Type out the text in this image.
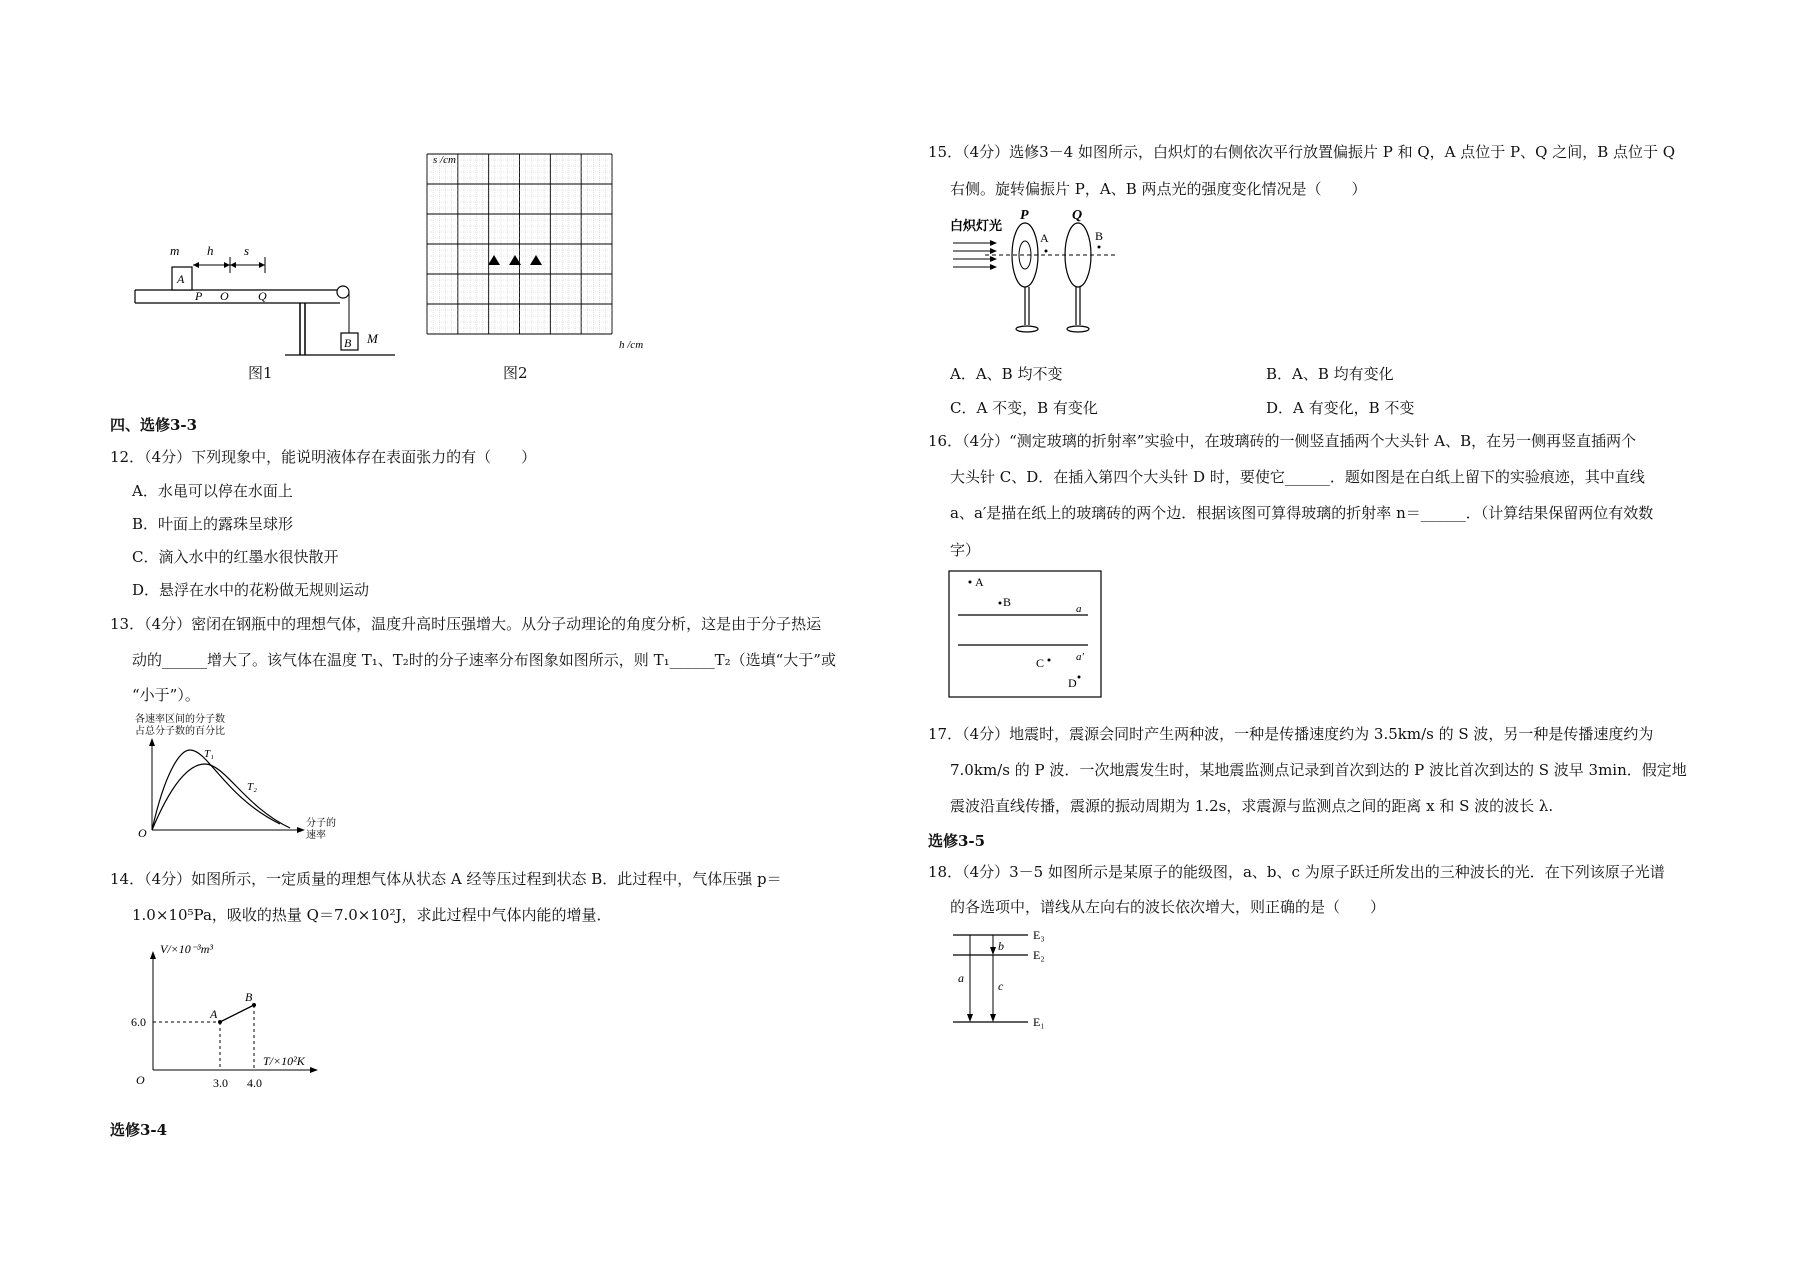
A
m h s
P O Q
B M
图1
s /cm
h /cm
图2
四、选修3-3
12．（4分）下列现象中，能说明液体存在表面张力的有（　　）
A．水黾可以停在水面上
B．叶面上的露珠呈球形
C．滴入水中的红墨水很快散开
D．悬浮在水中的花粉做无规则运动
13．（4分）密闭在钢瓶中的理想气体，温度升高时压强增大。从分子动理论的角度分析，这是由于分子热运
动的______增大了。该气体在温度 T₁、T₂时的分子速率分布图象如图所示，则 T₁______T₂（选填“大于”或
“小于”）。
各速率区间的分子数
占总分子数的百分比
O
分子的
速率
T₁
T₂
14．（4分）如图所示，一定质量的理想气体从状态 A 经等压过程到状态 B．此过程中，气体压强 p＝
1.0×10⁵Pa，吸收的热量 Q＝7.0×10²J，求此过程中气体内能的增量．
V/×10⁻³m³
T/×10²K
O
6.0
3.0 4.0
A
B
选修3-4
15．（4分）选修3－4 如图所示，白炽灯的右侧依次平行放置偏振片 P 和 Q，A 点位于 P、Q 之间，B 点位于 Q
右侧。旋转偏振片 P，A、B 两点光的强度变化情况是（　　）
白炽灯光
P	Q
A	B
A．A、B 均不变	B．A、B 均有变化
C．A 不变，B 有变化	D．A 有变化，B 不变
16．（4分）“测定玻璃的折射率”实验中，在玻璃砖的一侧竖直插两个大头针 A、B，在另一侧再竖直插两个
大头针 C、D．在插入第四个大头针 D 时，要使它______．题如图是在白纸上留下的实验痕迹，其中直线
a、a′是描在纸上的玻璃砖的两个边．根据该图可算得玻璃的折射率 n＝______．（计算结果保留两位有效数
字）
A
B	a
a′
C
D
17．（4分）地震时，震源会同时产生两种波，一种是传播速度约为 3.5km/s 的 S 波，另一种是传播速度约为
7.0km/s 的 P 波．一次地震发生时，某地震监测点记录到首次到达的 P 波比首次到达的 S 波早 3min．假定地
震波沿直线传播，震源的振动周期为 1.2s，求震源与监测点之间的距离 x 和 S 波的波长 λ.
选修3-5
18．（4分）3－5 如图所示是某原子的能级图，a、b、c 为原子跃迁所发出的三种波长的光．在下列该原子光谱
的各选项中，谱线从左向右的波长依次增大，则正确的是（　　）
E₃
E₂
E₁
a
b
c
